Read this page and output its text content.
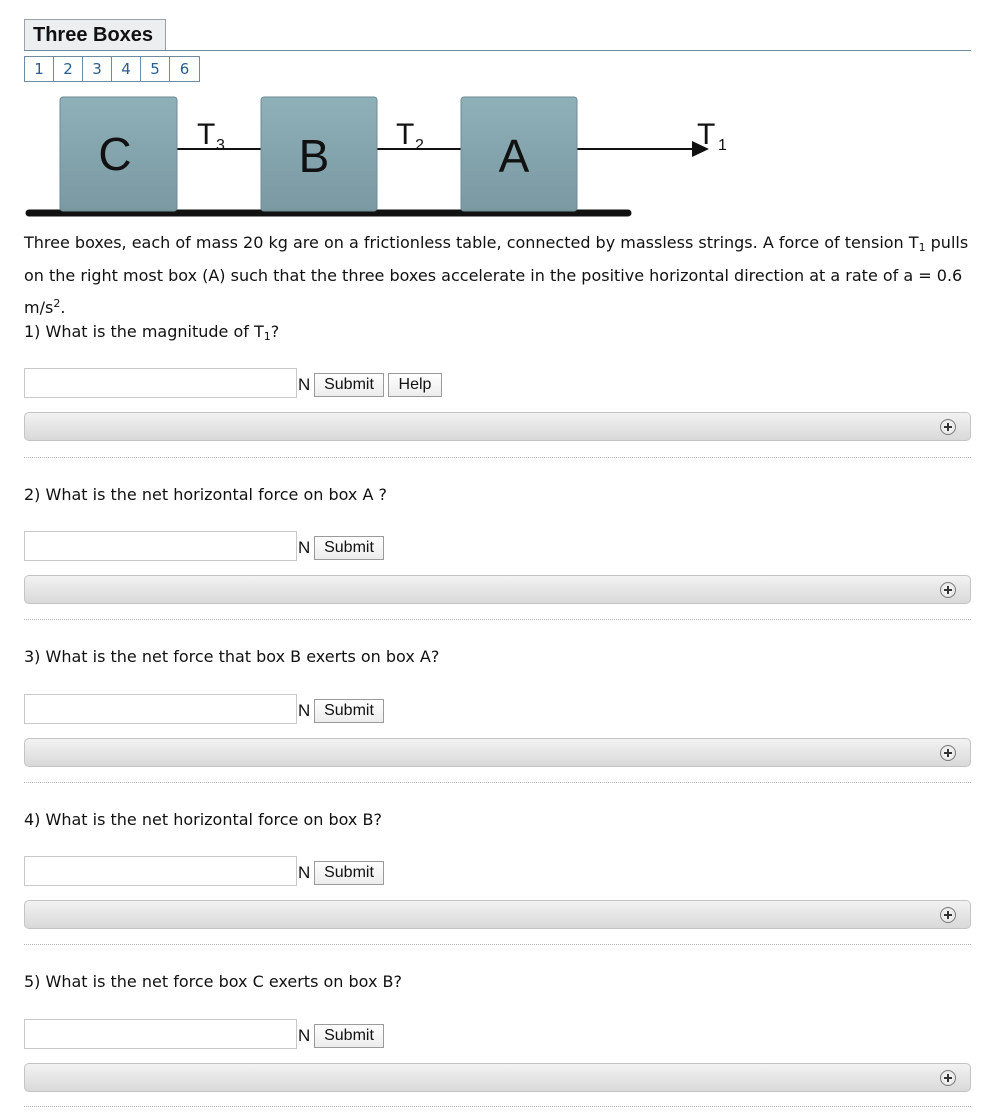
Three Boxes
1	2	3	4	5	6
C	B	A
T 3	T 2	T 1
Three boxes, each of mass 20 kg are on a frictionless table, connected by massless strings. A force of tension $T_1$ pulls on the right most box (A) such that the three boxes accelerate in the positive horizontal direction at a rate of a = 0.6 $m/s^2$.
1) What is the magnitude of $T_1$?
N Submit	Help
2) What is the net horizontal force on box A ?
N Submit
3) What is the net force that box B exerts on box A?
N Submit
4) What is the net horizontal force on box B?
N Submit
5) What is the net force box C exerts on box B?
N Submit
